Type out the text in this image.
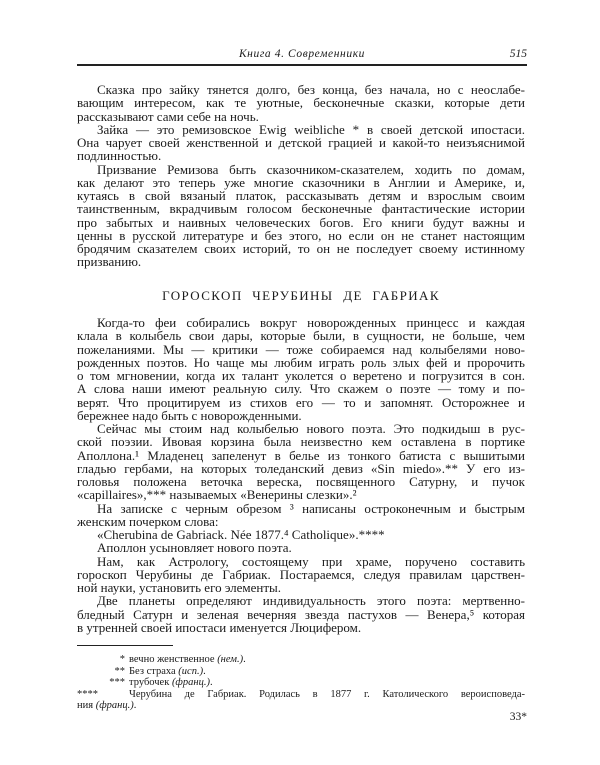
Книга 4. Современники	515
Сказка про зайку тянется долго, без конца, без начала, но с неослабе-
вающим интересом, как те уютные, бесконечные сказки, которые дети
рассказывают сами себе на ночь.
Зайка — это ремизовское Ewig weibliche * в своей детской ипостаси.
Она чарует своей женственной и детской грацией и какой-то неизъяснимой
подлинностью.
Призвание Ремизова быть сказочником-сказателем, ходить по домам,
как делают это теперь уже многие сказочники в Англии и Америке, и,
кутаясь в свой вязаный платок, рассказывать детям и взрослым своим
таинственным, вкрадчивым голосом бесконечные фантастические истории
про забытых и наивных человеческих богов. Его книги будут важны и
ценны в русской литературе и без этого, но если он не станет настоящим
бродячим сказателем своих историй, то он не последует своему истинному
призванию.
ГОРОСКОП ЧЕРУБИНЫ ДЕ ГАБРИАК
Когда-то феи собирались вокруг новорожденных принцесс и каждая
клала в колыбель свои дары, которые были, в сущности, не больше, чем
пожеланиями. Мы — критики — тоже собираемся над колыбелями ново-
рожденных поэтов. Но чаще мы любим играть роль злых фей и пророчить
о том мгновении, когда их талант уколется о веретено и погрузится в сон.
А слова наши имеют реальную силу. Что скажем о поэте — тому и по-
верят. Что процитируем из стихов его — то и запомнят. Осторожнее и
бережнее надо быть с новорожденными.
Сейчас мы стоим над колыбелью нового поэта. Это подкидыш в рус-
ской поэзии. Ивовая корзина была неизвестно кем оставлена в портике
Аполлона.¹ Младенец запеленут в белье из тонкого батиста с вышитыми
гладью гербами, на которых толеданский девиз «Sin miedo».** У его из-
головья положена веточка вереска, посвященного Сатурну, и пучок
«capillaires»,*** называемых «Венерины слезки».²
На записке с черным обрезом ³ написаны остроконечным и быстрым
женским почерком слова:
«Cherubina de Gabriack. Née 1877.⁴ Catholique».****
Аполлон усыновляет нового поэта.
Нам, как Астрологу, состоящему при храме, поручено составить
гороскоп Черубины де Габриак. Постараемся, следуя правилам царствен-
ной науки, установить его элементы.
Две планеты определяют индивидуальность этого поэта: мертвенно-
бледный Сатурн и зеленая вечерняя звезда пастухов — Венера,⁵ которая
в утренней своей ипостаси именуется Люцифером.
* вечно женственное (нем.).
** Без страха (исп.).
*** трубочек (франц.).
****	Черубина де Габриак. Родилась в 1877 г. Католического вероисповеда-
ния (франц.).
33*
